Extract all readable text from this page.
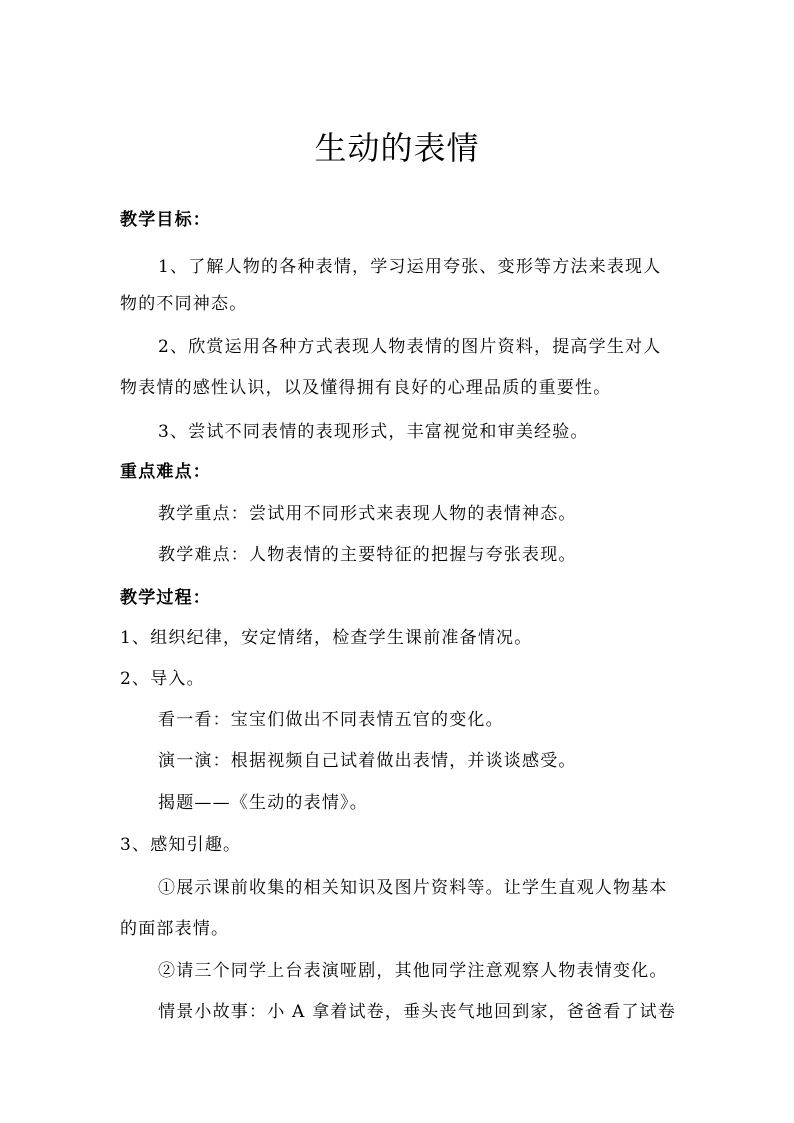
生动的表情
教学目标：
1、了解人物的各种表情，学习运用夸张、变形等方法来表现人
物的不同神态。
2、欣赏运用各种方式表现人物表情的图片资料，提高学生对人
物表情的感性认识，以及懂得拥有良好的心理品质的重要性。
3、尝试不同表情的表现形式，丰富视觉和审美经验。
重点难点：
教学重点：尝试用不同形式来表现人物的表情神态。
教学难点：人物表情的主要特征的把握与夸张表现。
教学过程：
1、组织纪律，安定情绪，检查学生课前准备情况。
2、导入。
看一看：宝宝们做出不同表情五官的变化。
演一演：根据视频自己试着做出表情，并谈谈感受。
揭题——《生动的表情》。
3、感知引趣。
①展示课前收集的相关知识及图片资料等。让学生直观人物基本
的面部表情。
②请三个同学上台表演哑剧，其他同学注意观察人物表情变化。
情景小故事：小 A 拿着试卷，垂头丧气地回到家，爸爸看了试卷
